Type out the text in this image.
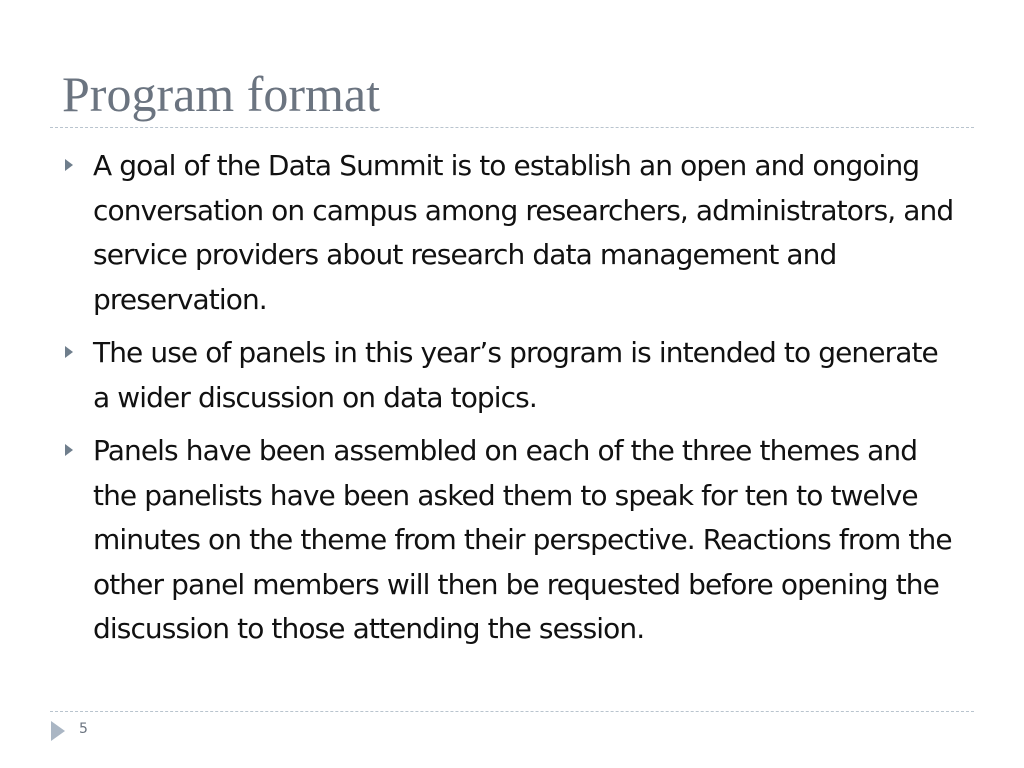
Program format
A goal of the Data Summit is to establish an open and ongoing conversation on campus among researchers, administrators, and service providers about research data management and preservation.
The use of panels in this year’s program is intended to generate a wider discussion on data topics.
Panels have been assembled on each of the three themes and the panelists have been asked them to speak for ten to twelve minutes on the theme from their perspective. Reactions from the other panel members will then be requested before opening the discussion to those attending the session.
5
